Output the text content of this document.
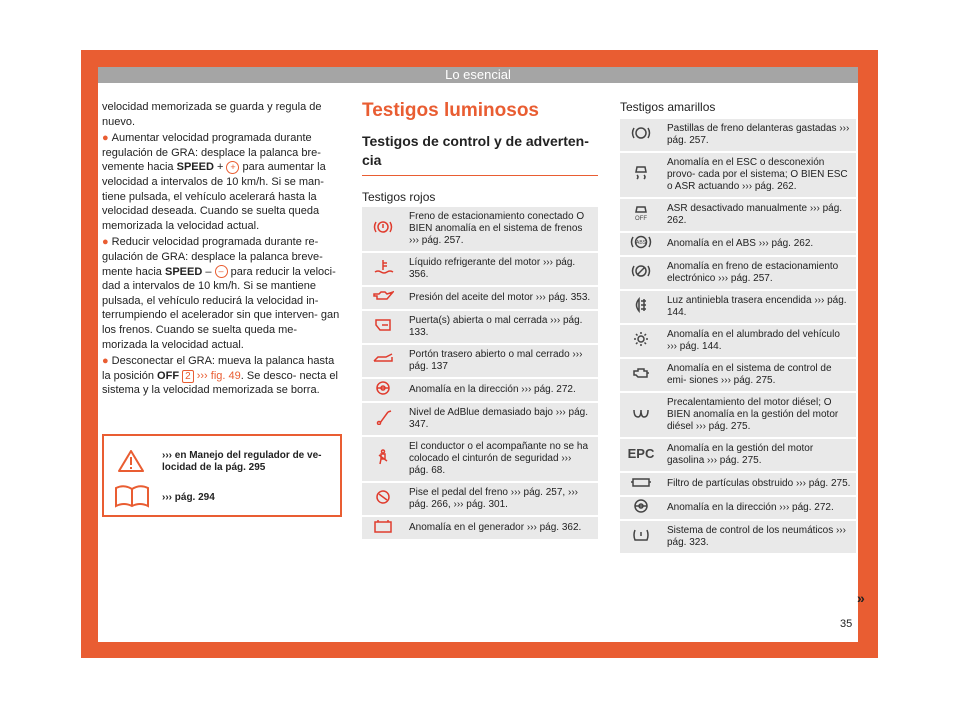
Lo esencial

velocidad memorizada se guarda y regula de nuevo.

● Aumentar velocidad programada durante regulación de GRA: desplace la palanca bre- vemente hacia SPEED + + para aumentar la velocidad a intervalos de 10 km/h. Si se man- tiene pulsada, el vehículo acelerará hasta la velocidad deseada. Cuando se suelta queda memorizada la velocidad actual.

● Reducir velocidad programada durante re- gulación de GRA: desplace la palanca breve- mente hacia SPEED – – para reducir la veloci- dad a intervalos de 10 km/h. Si se mantiene pulsada, el vehículo reducirá la velocidad in- terrumpiendo el acelerador sin que interven- gan los frenos. Cuando se suelta queda me- morizada la velocidad actual.

● Desconectar el GRA: mueva la palanca hasta la posición OFF 2 ››› fig. 49. Se desco- necta el sistema y la velocidad memorizada se borra.

››› en Manejo del regulador de ve- locidad de la pág. 295
››› pág. 294
Testigos luminosos
Testigos de control y de adverten- cia
Testigos rojos
	Freno de estacionamiento conectado O BIEN anomalía en el sistema de frenos ››› pág. 257.
	Líquido refrigerante del motor ››› pág. 356.
	Presión del aceite del motor ››› pág. 353.
	Puerta(s) abierta o mal cerrada ››› pág. 133.
	Portón trasero abierto o mal cerrado ››› pág. 137
	Anomalía en la dirección ››› pág. 272.
	Nivel de AdBlue demasiado bajo ››› pág. 347.
	El conductor o el acompañante no se ha colocado el cinturón de seguridad ››› pág. 68.
	Pise el pedal del freno ››› pág. 257, ››› pág. 266, ››› pág. 301.
	Anomalía en el generador ››› pág. 362.
Testigos amarillos
	Pastillas de freno delanteras gastadas ››› pág. 257.
	Anomalía en el ESC o desconexión provo- cada por el sistema; O BIEN ESC o ASR actuando ››› pág. 262.

OFF	ASR desactivado manualmente ››› pág. 262.

ABS	Anomalía en el ABS ››› pág. 262.
	Anomalía en freno de estacionamiento electrónico ››› pág. 257.
	Luz antiniebla trasera encendida ››› pág. 144.
	Anomalía en el alumbrado del vehículo ››› pág. 144.
	Anomalía en el sistema de control de emi- siones ››› pág. 275.
	Precalentamiento del motor diésel; O BIEN anomalía en la gestión del motor diésel ››› pág. 275.

EPC	Anomalía en la gestión del motor gasolina ››› pág. 275.
	Filtro de partículas obstruido ››› pág. 275.
	Anomalía en la dirección ››› pág. 272.
	Sistema de control de los neumáticos ››› pág. 323.
»
35
